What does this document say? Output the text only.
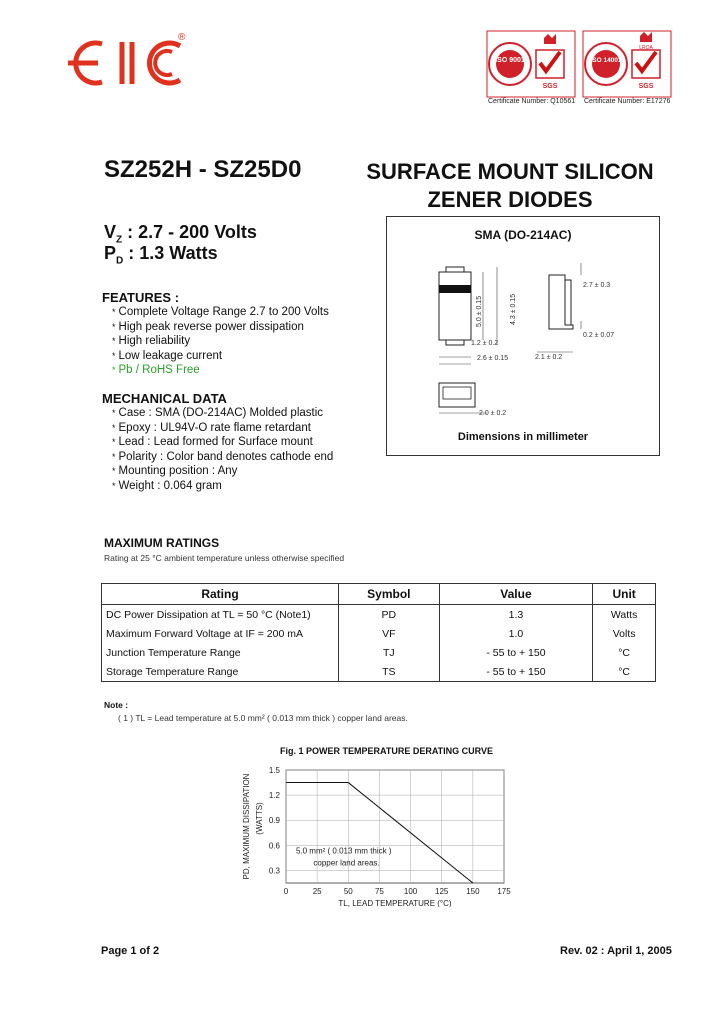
®
ISO 9001
SGS
Certificate Number: Q10561
ISO 14001
LRQA
SGS
Certificate Number: E17276
SZ252H - SZ25D0	SURFACE MOUNT SILICON
ZENER DIODES
$V_Z$ : 2.7 - 200 Volts
$P_D$ : 1.3 Watts
FEATURES :
* Complete Voltage Range 2.7 to 200 Volts
* High peak reverse power dissipation
* High reliability
* Low leakage current
* Pb / RoHS Free
MECHANICAL DATA
* Case : SMA (DO-214AC) Molded plastic
* Epoxy : UL94V-O rate flame retardant
* Lead : Lead formed for Surface mount
* Polarity : Color band denotes cathode end
* Mounting position : Any
* Weight : 0.064 gram
SMA (DO-214AC)
5.0 ± 0.15	4.3 ± 0.15
1.2 ± 0.2
2.6 ± 0.15
2.7 ± 0.3
0.2 ± 0.07
2.1 ± 0.2
2.0 ± 0.2
Dimensions in millimeter
MAXIMUM RATINGS
Rating at 25 °C ambient temperature unless otherwise specified
Rating	Symbol	Value	Unit
DC Power Dissipation at TL = 50 °C (Note1)	PD	1.3	Watts
Maximum Forward Voltage at IF = 200 mA	VF	1.0	Volts
Junction Temperature Range	TJ	- 55 to + 150	°C
Storage Temperature Range	TS	- 55 to + 150	°C
Note :
( 1 ) TL = Lead temperature at 5.0 mm² ( 0.013 mm thick ) copper land areas.
Fig. 1 POWER TEMPERATURE DERATING CURVE
0	25	50	75	100 125 150 175
0.3
0.6
0.9
1.2
1.5
5.0 mm² ( 0.013 mm thick )
copper land areas.
TL, LEAD TEMPERATURE (°C)
PD, MAXIMUM DISSIPATION (WATTS)
Page 1 of 2	Rev. 02 : April 1, 2005
